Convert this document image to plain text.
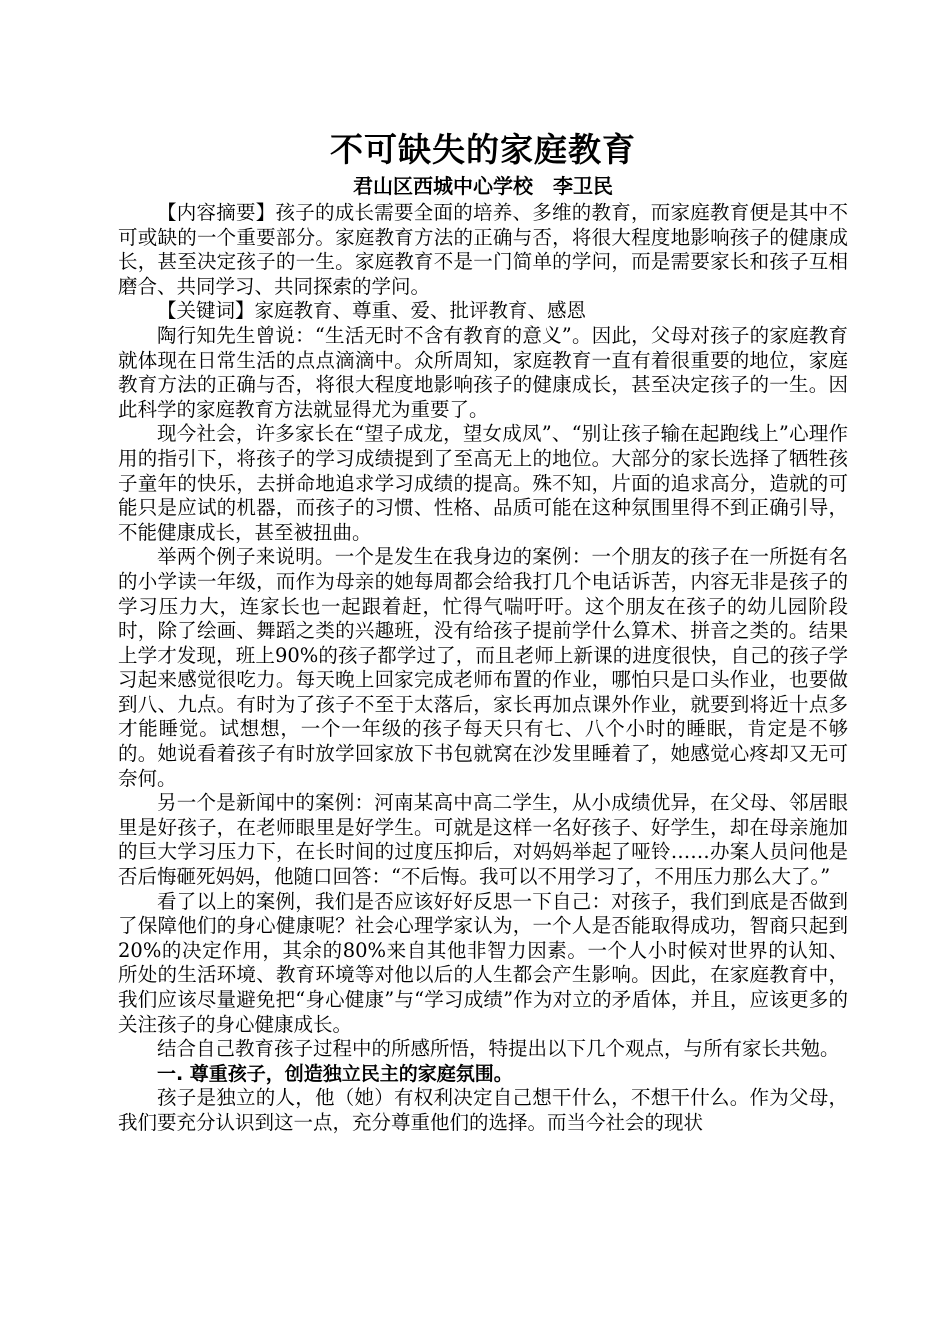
不可缺失的家庭教育

君山区西城中心学校　李卫民

【内容摘要】孩子的成长需要全面的培养、多维的教育，而家庭教育便是其中不可或缺的一个重要部分。家庭教育方法的正确与否，将很大程度地影响孩子的健康成长，甚至决定孩子的一生。家庭教育不是一门简单的学问，而是需要家长和孩子互相磨合、共同学习、共同探索的学问。

【关键词】家庭教育、尊重、爱、批评教育、感恩

陶行知先生曾说：“生活无时不含有教育的意义”。因此，父母对孩子的家庭教育就体现在日常生活的点点滴滴中。众所周知，家庭教育一直有着很重要的地位，家庭教育方法的正确与否，将很大程度地影响孩子的健康成长，甚至决定孩子的一生。因此科学的家庭教育方法就显得尤为重要了。

现今社会，许多家长在“望子成龙，望女成凤”、“别让孩子输在起跑线上”心理作用的指引下，将孩子的学习成绩提到了至高无上的地位。大部分的家长选择了牺牲孩子童年的快乐，去拼命地追求学习成绩的提高。殊不知，片面的追求高分，造就的可能只是应试的机器，而孩子的习惯、性格、品质可能在这种氛围里得不到正确引导，不能健康成长，甚至被扭曲。

举两个例子来说明。一个是发生在我身边的案例：一个朋友的孩子在一所挺有名的小学读一年级，而作为母亲的她每周都会给我打几个电话诉苦，内容无非是孩子的学习压力大，连家长也一起跟着赶，忙得气喘吁吁。这个朋友在孩子的幼儿园阶段时，除了绘画、舞蹈之类的兴趣班，没有给孩子提前学什么算术、拼音之类的。结果上学才发现，班上90%的孩子都学过了，而且老师上新课的进度很快，自己的孩子学习起来感觉很吃力。每天晚上回家完成老师布置的作业，哪怕只是口头作业，也要做到八、九点。有时为了孩子不至于太落后，家长再加点课外作业，就要到将近十点多才能睡觉。试想想，一个一年级的孩子每天只有七、八个小时的睡眠，肯定是不够的。她说看着孩子有时放学回家放下书包就窝在沙发里睡着了，她感觉心疼却又无可奈何。

另一个是新闻中的案例：河南某高中高二学生，从小成绩优异，在父母、邻居眼里是好孩子，在老师眼里是好学生。可就是这样一名好孩子、好学生，却在母亲施加的巨大学习压力下，在长时间的过度压抑后，对妈妈举起了哑铃……办案人员问他是否后悔砸死妈妈，他随口回答：“不后悔。我可以不用学习了，不用压力那么大了。”

看了以上的案例，我们是否应该好好反思一下自己：对孩子，我们到底是否做到了保障他们的身心健康呢？社会心理学家认为，一个人是否能取得成功，智商只起到20%的决定作用，其余的80%来自其他非智力因素。一个人小时候对世界的认知、所处的生活环境、教育环境等对他以后的人生都会产生影响。因此，在家庭教育中，我们应该尽量避免把“身心健康”与“学习成绩”作为对立的矛盾体，并且，应该更多的关注孩子的身心健康成长。

结合自己教育孩子过程中的所感所悟，特提出以下几个观点，与所有家长共勉。

一. 尊重孩子，创造独立民主的家庭氛围。

孩子是独立的人，他（她）有权利决定自己想干什么，不想干什么。作为父母，我们要充分认识到这一点，充分尊重他们的选择。而当今社会的现状
